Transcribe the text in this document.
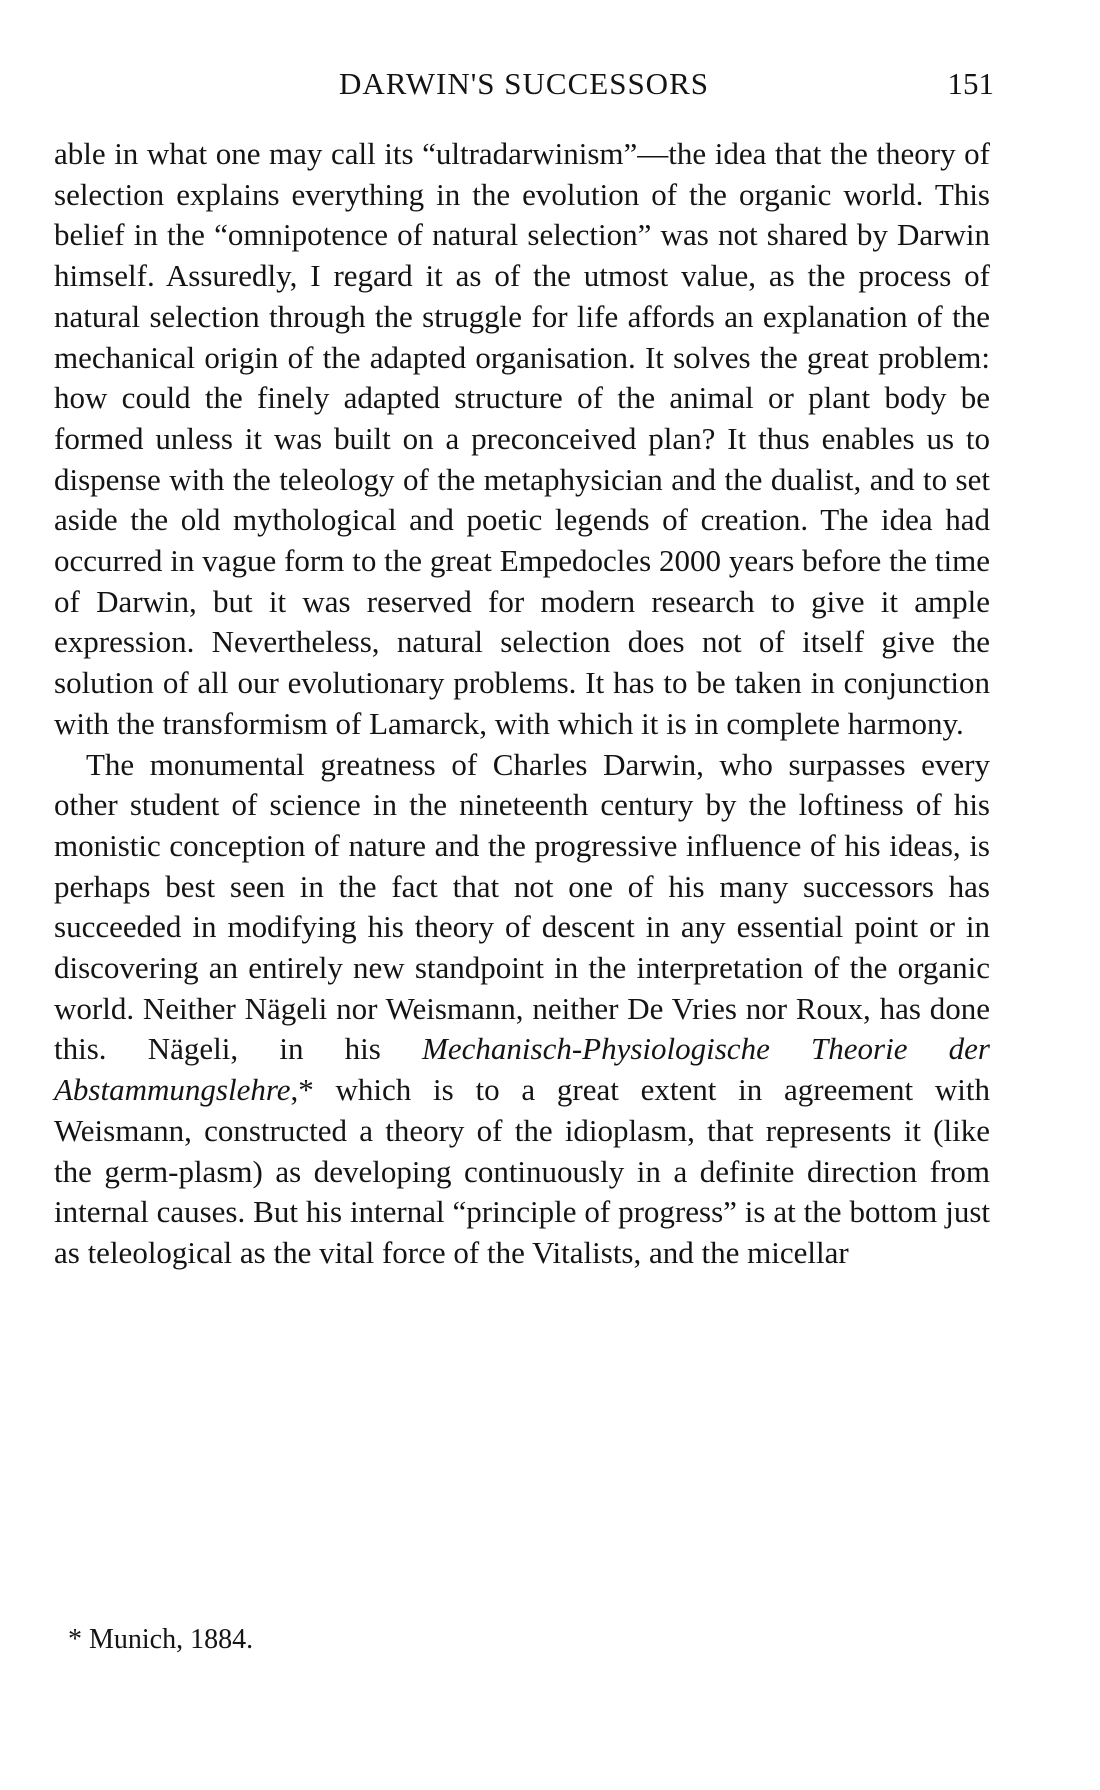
DARWIN'S SUCCESSORS	151

able in what one may call its “ultradarwinism”—the idea that the theory of selection explains everything in the evolution of the organic world. This belief in the “omnipotence of natural selection” was not shared by Darwin himself. Assuredly, I regard it as of the utmost value, as the process of natural selection through the struggle for life affords an explanation of the mechanical origin of the adapted organisation. It solves the great problem: how could the finely adapted structure of the animal or plant body be formed unless it was built on a preconceived plan? It thus enables us to dispense with the teleology of the metaphysician and the dualist, and to set aside the old mythological and poetic legends of creation. The idea had occurred in vague form to the great Empedocles 2000 years before the time of Darwin, but it was reserved for modern research to give it ample expression. Nevertheless, natural selection does not of itself give the solution of all our evolutionary problems. It has to be taken in conjunction with the transformism of Lamarck, with which it is in complete harmony.

The monumental greatness of Charles Darwin, who surpasses every other student of science in the nineteenth century by the loftiness of his monistic conception of nature and the progressive influence of his ideas, is perhaps best seen in the fact that not one of his many successors has succeeded in modifying his theory of descent in any essential point or in discovering an entirely new standpoint in the interpretation of the organic world. Neither Nägeli nor Weismann, neither De Vries nor Roux, has done this. Nägeli, in his Mechanisch-Physiologische Theorie der Abstammungslehre,* which is to a great extent in agreement with Weismann, constructed a theory of the idioplasm, that represents it (like the germ-plasm) as developing continuously in a definite direction from internal causes. But his internal “principle of progress” is at the bottom just as teleological as the vital force of the Vitalists, and the micellar

* Munich, 1884.
